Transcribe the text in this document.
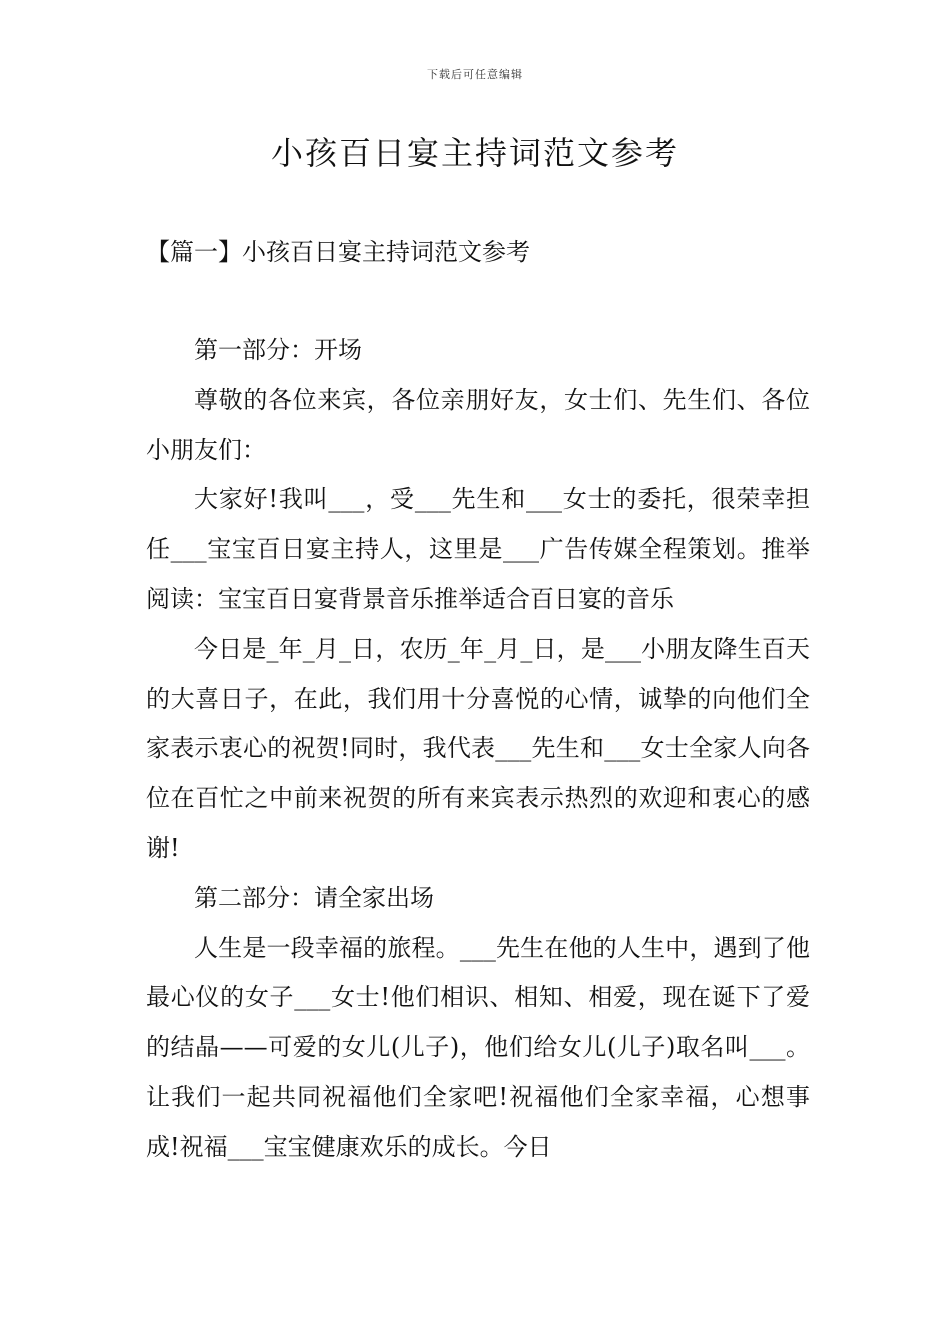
下载后可任意编辑
小孩百日宴主持词范文参考
【篇一】小孩百日宴主持词范文参考

第一部分：开场

尊敬的各位来宾，各位亲朋好友，女士们、先生们、各位小朋友们：

大家好!我叫___，受___先生和___女士的委托，很荣幸担任___宝宝百日宴主持人，这里是___广告传媒全程策划。推举阅读：宝宝百日宴背景音乐推举适合百日宴的音乐

今日是_年_月_日，农历_年_月_日，是___小朋友降生百天的大喜日子，在此，我们用十分喜悦的心情，诚挚的向他们全家表示衷心的祝贺!同时，我代表___先生和___女士全家人向各位在百忙之中前来祝贺的所有来宾表示热烈的欢迎和衷心的感谢!

第二部分：请全家出场

人生是一段幸福的旅程。___先生在他的人生中，遇到了他最心仪的女子___女士!他们相识、相知、相爱，现在诞下了爱的结晶——可爱的女儿(儿子)，他们给女儿(儿子)取名叫___。让我们一起共同祝福他们全家吧!祝福他们全家幸福，心想事成!祝福___宝宝健康欢乐的成长。今日
